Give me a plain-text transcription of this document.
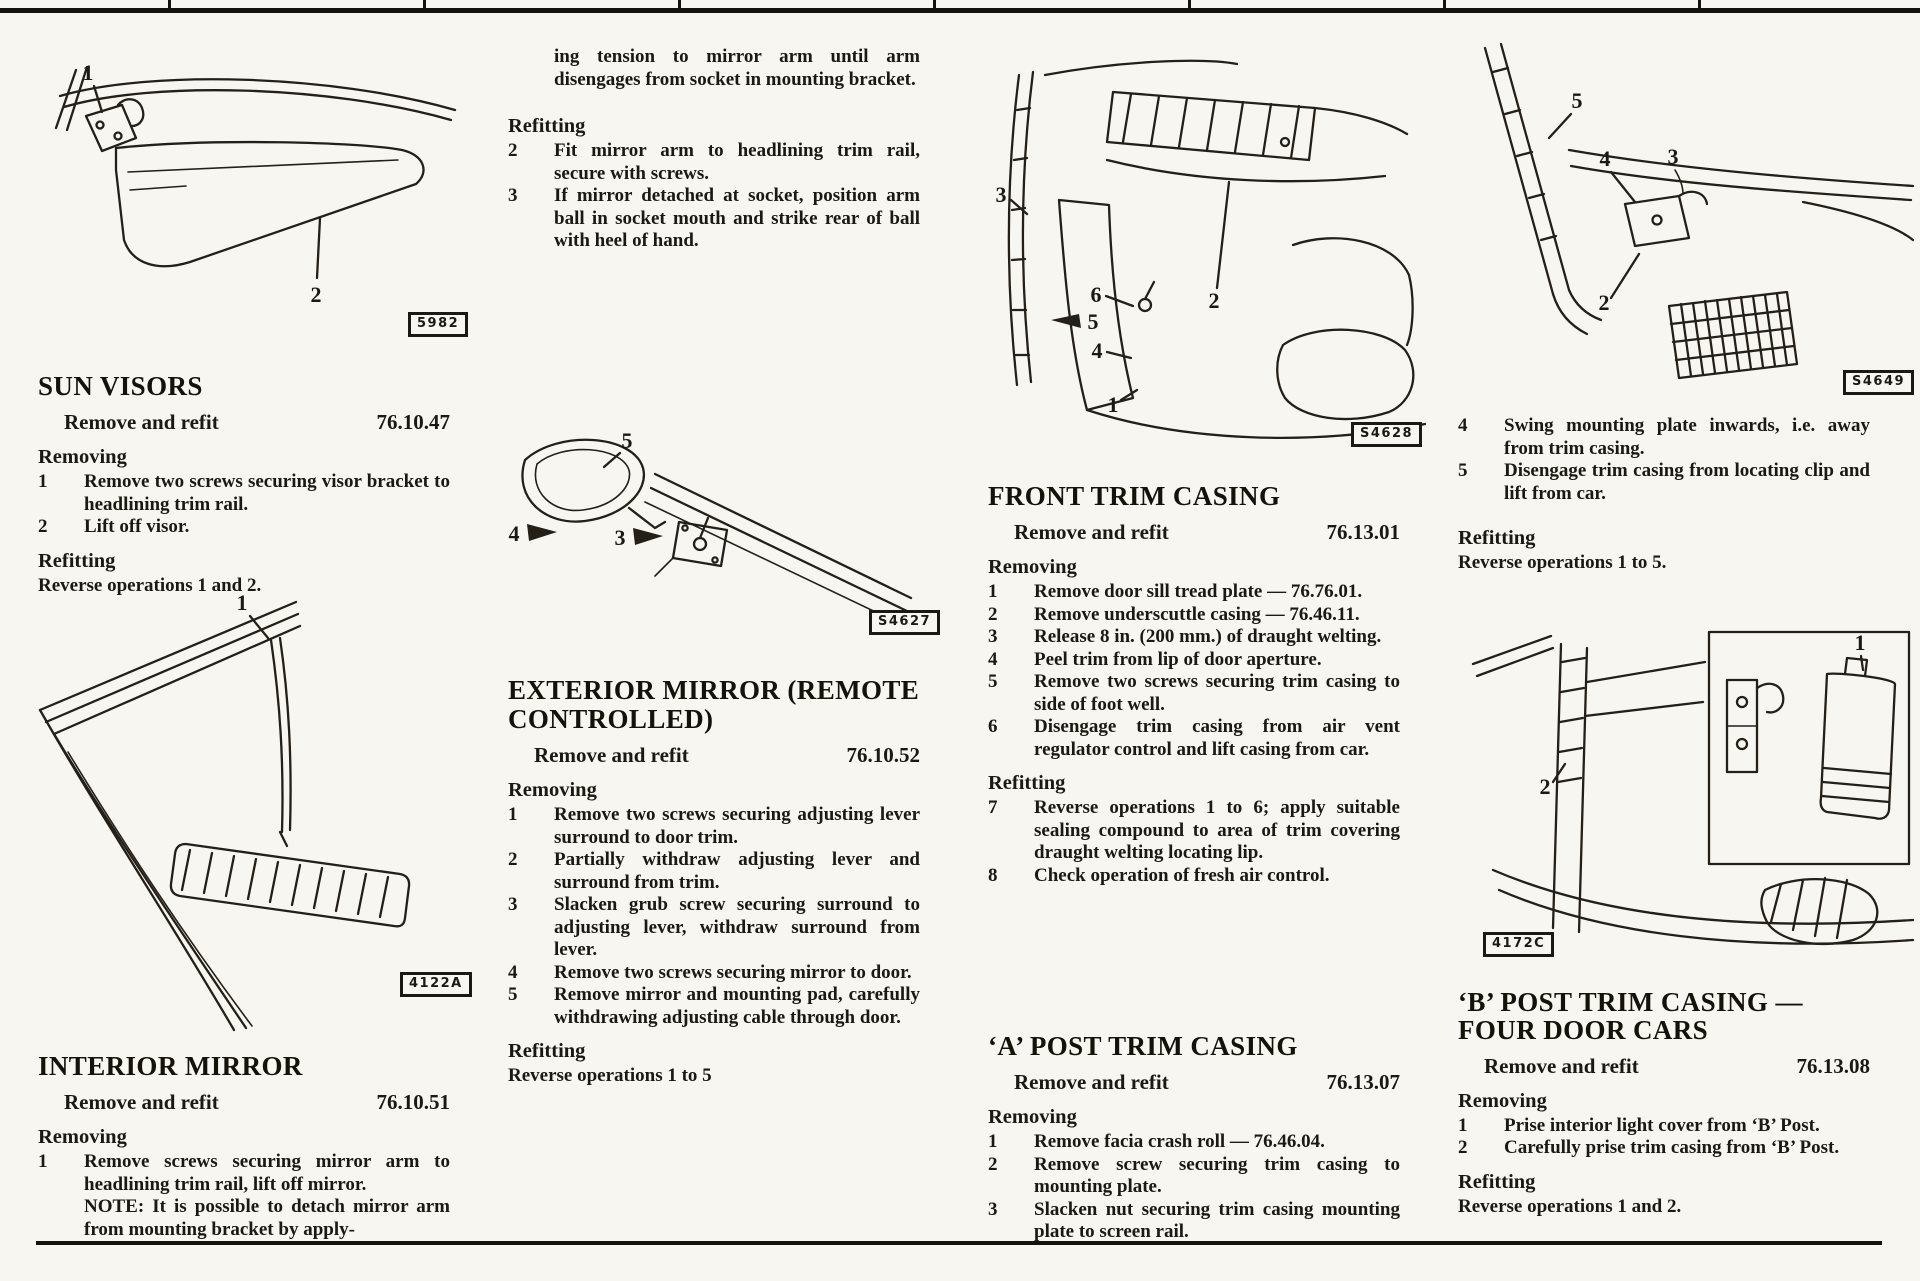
1
2
5982
SUN VISORS
Remove and refit	76.10.47
Removing
1	Remove two screws securing visor bracket to headlining trim rail.
2	Lift off visor.
Refitting

Reverse operations 1 and 2.

1
4122A
INTERIOR MIRROR
Remove and refit	76.10.51
Removing
1	Remove screws securing mirror arm to headlining trim rail, lift off mirror.
NOTE: It is possible to detach mirror arm from mounting bracket by apply-

ing tension to mirror arm until arm disengages from socket in mounting bracket.

Refitting
2	Fit mirror arm to headlining trim rail, secure with screws.
3	If mirror detached at socket, position arm ball in socket mouth and strike rear of ball with heel of hand.
5
4	3
S4627
EXTERIOR MIRROR (REMOTE CONTROLLED)
Remove and refit	76.10.52
Removing
1	Remove two screws securing adjusting lever surround to door trim.
2	Partially withdraw adjusting lever and surround from trim.
3	Slacken grub screw securing surround to adjusting lever, withdraw surround from lever.
4	Remove two screws securing mirror to door.
5	Remove mirror and mounting pad, carefully withdrawing adjusting cable through door.
Refitting

Reverse operations 1 to 5

3
6
5
4
1
2
S4628
FRONT TRIM CASING
Remove and refit	76.13.01
Removing
1	Remove door sill tread plate — 76.76.01.
2	Remove underscuttle casing — 76.46.11.
3	Release 8 in. (200 mm.) of draught welting.
4	Peel trim from lip of door aperture.
5	Remove two screws securing trim casing to side of foot well.
6	Disengage trim casing from air vent regulator control and lift casing from car.
Refitting
7	Reverse operations 1 to 6; apply suitable sealing compound to area of trim covering draught welting locating lip.
8	Check operation of fresh air control.
‘A’ POST TRIM CASING
Remove and refit	76.13.07
Removing
1	Remove facia crash roll — 76.46.04.
2	Remove screw securing trim casing to mounting plate.
3	Slacken nut securing trim casing mounting plate to screen rail.
5
4	3
2
S4649
4	Swing mounting plate inwards, i.e. away from trim casing.
5	Disengage trim casing from locating clip and lift from car.
Refitting

Reverse operations 1 to 5.

2
1
4172C
‘B’ POST TRIM CASING — FOUR DOOR CARS
Remove and refit	76.13.08
Removing
1	Prise interior light cover from ‘B’ Post.
2	Carefully prise trim casing from ‘B’ Post.
Refitting

Reverse operations 1 and 2.
